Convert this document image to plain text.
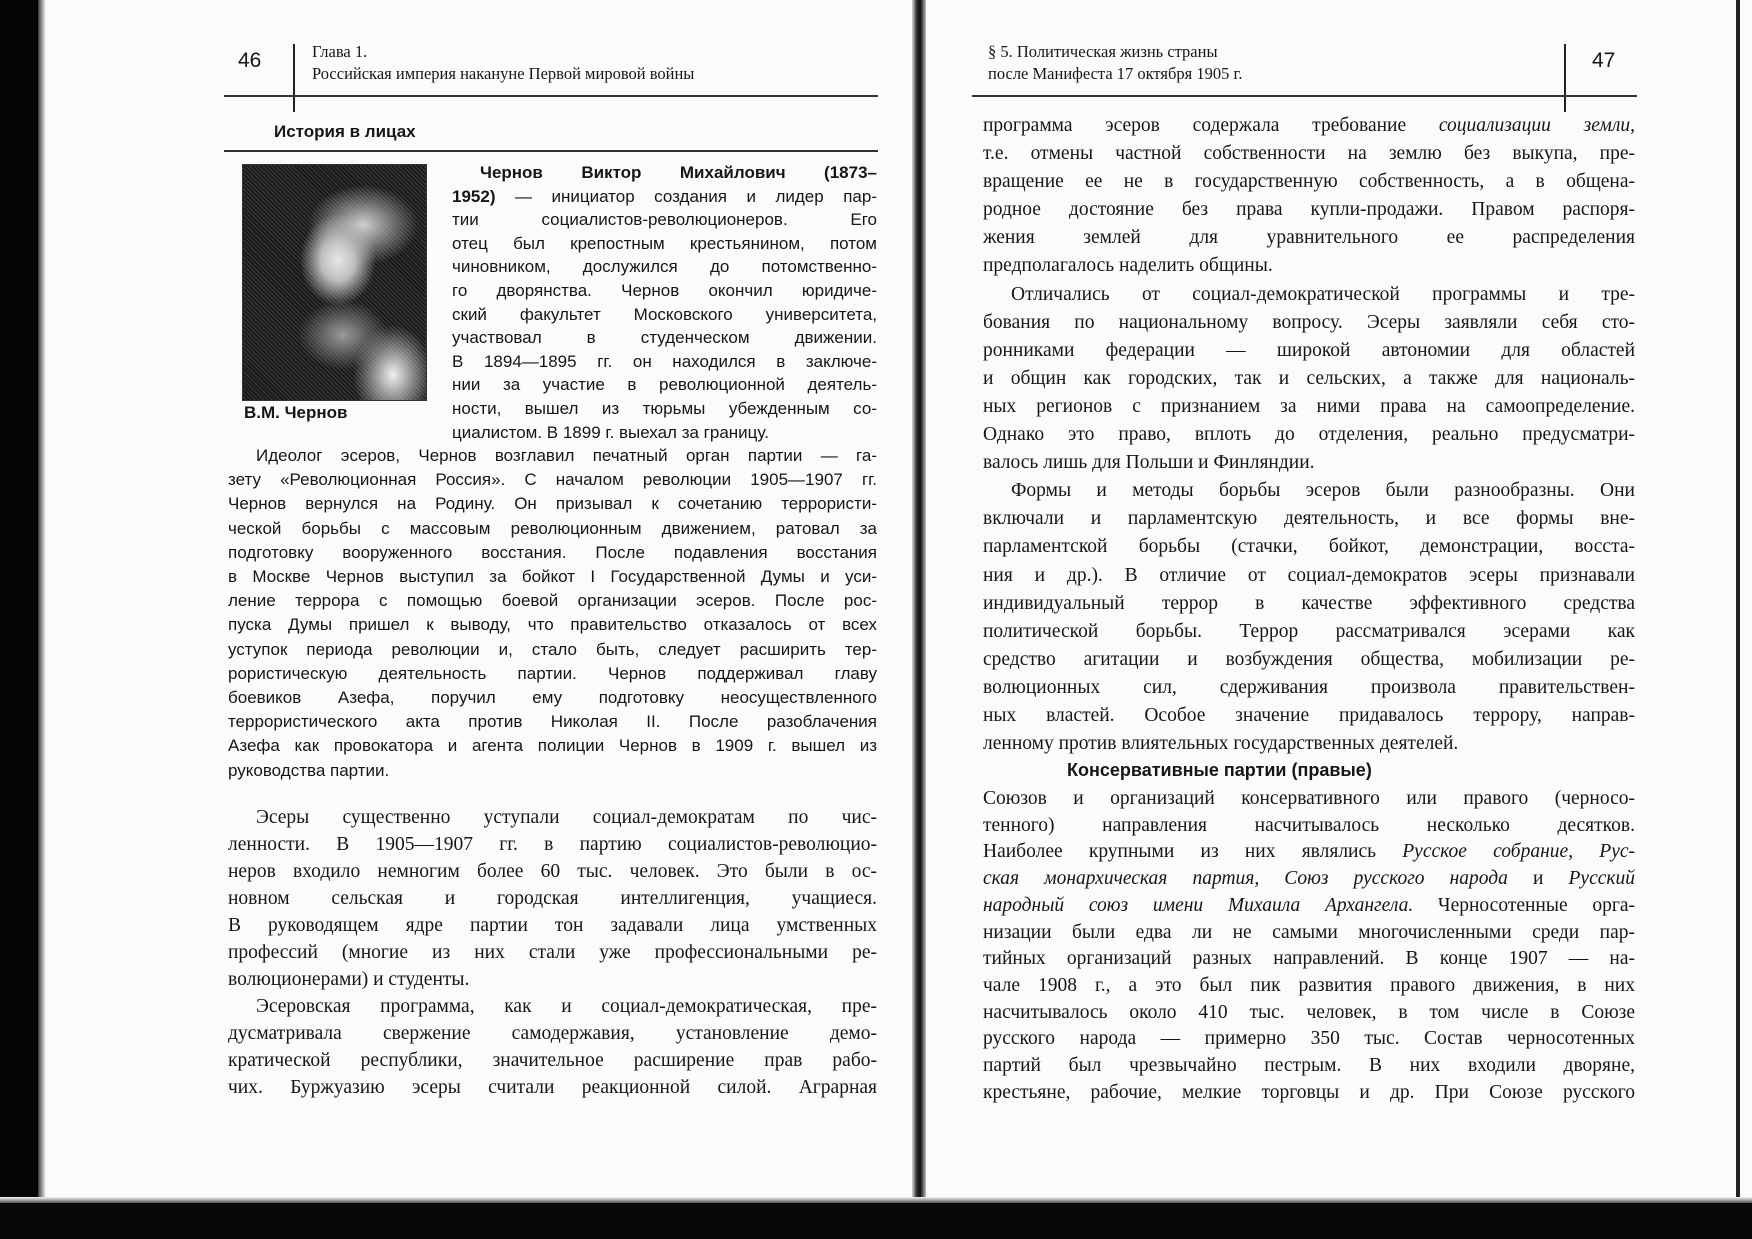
46	Глава 1.
Российская империя накануне Первой мировой войны
История в лицах
В.М. Чернов
Чернов Виктор Михайлович (1873–
1952) — инициатор создания и лидер пар-
тии социалистов-революционеров. Его
отец был крепостным крестьянином, потом
чиновником, дослужился до потомственно-
го дворянства. Чернов окончил юридиче-
ский факультет Московского университета,
участвовал в студенческом движении.
В 1894—1895 гг. он находился в заключе-
нии за участие в революционной деятель-
ности, вышел из тюрьмы убежденным со-
циалистом. В 1899 г. выехал за границу.
Идеолог эсеров, Чернов возглавил печатный орган партии — га-
зету «Революционная Россия». С началом революции 1905—1907 гг.
Чернов вернулся на Родину. Он призывал к сочетанию террористи-
ческой борьбы с массовым революционным движением, ратовал за
подготовку вооруженного восстания. После подавления восстания
в Москве Чернов выступил за бойкот I Государственной Думы и уси-
ление террора с помощью боевой организации эсеров. После рос-
пуска Думы пришел к выводу, что правительство отказалось от всех
уступок периода революции и, стало быть, следует расширить тер-
рористическую деятельность партии. Чернов поддерживал главу
боевиков Азефа, поручил ему подготовку неосуществленного
террористического акта против Николая II. После разоблачения
Азефа как провокатора и агента полиции Чернов в 1909 г. вышел из
руководства партии.
Эсеры существенно уступали социал-демократам по чис-
ленности. В 1905—1907 гг. в партию социалистов-революцио-
неров входило немногим более 60 тыс. человек. Это были в ос-
новном сельская и городская интеллигенция, учащиеся.
В руководящем ядре партии тон задавали лица умственных
профессий (многие из них стали уже профессиональными ре-
волюционерами) и студенты.
Эсеровская программа, как и социал-демократическая, пре-
дусматривала свержение самодержавия, установление демо-
кратической республики, значительное расширение прав рабо-
чих. Буржуазию эсеры считали реакционной силой. Аграрная
§ 5. Политическая жизнь страны
после Манифеста 17 октября 1905 г.
47
программа эсеров содержала требование социализации земли,
т.е. отмены частной собственности на землю без выкупа, пре-
вращение ее не в государственную собственность, а в общена-
родное достояние без права купли-продажи. Правом распоря-
жения землей для уравнительного ее распределения
предполагалось наделить общины.
Отличались от социал-демократической программы и тре-
бования по национальному вопросу. Эсеры заявляли себя сто-
ронниками федерации — широкой автономии для областей
и общин как городских, так и сельских, а также для националь-
ных регионов с признанием за ними права на самоопределение.
Однако это право, вплоть до отделения, реально предусматри-
валось лишь для Польши и Финляндии.
Формы и методы борьбы эсеров были разнообразны. Они
включали и парламентскую деятельность, и все формы вне-
парламентской борьбы (стачки, бойкот, демонстрации, восста-
ния и др.). В отличие от социал-демократов эсеры признавали
индивидуальный террор в качестве эффективного средства
политической борьбы. Террор рассматривался эсерами как
средство агитации и возбуждения общества, мобилизации ре-
волюционных сил, сдерживания произвола правительствен-
ных властей. Особое значение придавалось террору, направ-
ленному против влиятельных государственных деятелей.
Консервативные партии (правые)
Союзов и организаций консервативного или правого (черносо-
тенного) направления насчитывалось несколько десятков.
Наиболее крупными из них являлись Русское собрание, Рус-
ская монархическая партия, Союз русского народа и Русский
народный союз имени Михаила Архангела. Черносотенные орга-
низации были едва ли не самыми многочисленными среди пар-
тийных организаций разных направлений. В конце 1907 — на-
чале 1908 г., а это был пик развития правого движения, в них
насчитывалось около 410 тыс. человек, в том числе в Союзе
русского народа — примерно 350 тыс. Состав черносотенных
партий был чрезвычайно пестрым. В них входили дворяне,
крестьяне, рабочие, мелкие торговцы и др. При Союзе русского
